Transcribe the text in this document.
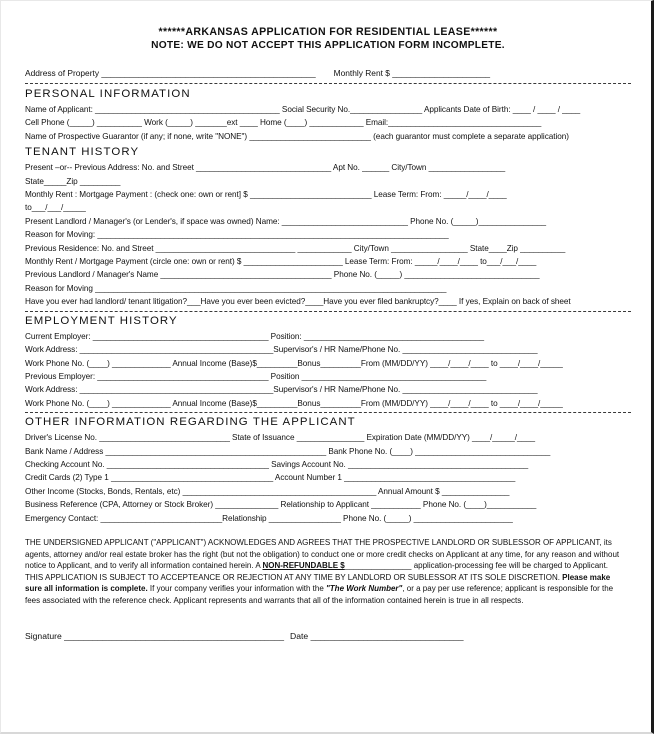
******ARKANSAS APPLICATION FOR RESIDENTIAL LEASE******
NOTE: WE DO NOT ACCEPT THIS APPLICATION FORM INCOMPLETE.
Address of Property ______________________________________________ Monthly Rent $ _____________________
PERSONAL INFORMATION
Name of Applicant: _________________________________________ Social Security No.________________ Applicants Date of Birth: ____ / ____ / ____
Cell Phone (_____) __________ Work (_____) _______ext ____ Home (____) ____________ Email:__________________________________
Name of Prospective Guarantor (if any; if none, write "NONE") ___________________________ (each guarantor must complete a separate application)
TENANT HISTORY
Present –or-- Previous Address: No. and Street ______________________________ Apt No. ______ City/Town _________________
State_____Zip _________
Monthly Rent : Mortgage Payment : (check one: own or rent] $ ___________________________ Lease Term: From: _____/____/____
to___/___/_____
Present Landlord / Manager's (or Lender's, if space was owned) Name: ____________________________ Phone No. (_____)_______________
Reason for Moving: ______________________________________________________________________________
Previous Residence: No. and Street _______________________________ ____________ City/Town _________________ State____Zip __________
Monthly Rent / Mortgage Payment (circle one: own or rent) $ ______________________ Lease Term: From: _____/____/____ to___/___/____
Previous Landlord / Manager's Name ______________________________________ Phone No. (_____) ______________________________
Reason for Moving ______________________________________________________________________________
Have you ever had landlord/ tenant litigation?___Have you ever been evicted?____Have you ever filed bankruptcy?____ If yes, Explain on back of sheet
EMPLOYMENT HISTORY
Current Employer: _______________________________________ Position: ________________________________________
Work Address: ___________________________________________Supervisor's / HR Name/Phone No. ______________________________
Work Phone No. (____) _____________ Annual Income (Base)$_________Bonus_________From (MM/DD/YY) ____/____/____ to ____/____/_____
Previous Employer: ______________________________________ Position _________________________________________
Work Address: ___________________________________________Supervisor's / HR Name/Phone No. ______________________________
Work Phone No. (____) _____________ Annual Income (Base)$_________Bonus_________From (MM/DD/YY) ____/____/____ to ____/____/_____
OTHER INFORMATION REGARDING THE APPLICANT
Driver's License No. _____________________________ State of Issuance _______________ Expiration Date (MM/DD/YY) ____/_____/____
Bank Name / Address _________________________________________________ Bank Phone No. (____) ______________________________
Checking Account No. ____________________________________ Savings Account No. ________________________________________
Credit Cards (2) Type 1 ____________________________________ Account Number 1 ______________________________________
Other Income (Stocks, Bonds, Rentals, etc) ___________________________________________ Annual Amount $ _______________
Business Reference (CPA, Attorney or Stock Broker) ______________ Relationship to Applicant ___________ Phone No. (____)___________
Emergency Contact: ___________________________Relationship ________________ Phone No. (_____) ______________________
THE UNDERSIGNED APPLICANT ("APPLICANT") ACKNOWLEDGES AND AGREES THAT THE PROSPECTIVE LANDLORD OR SUBLESSOR OF APPLICANT, its agents, attorney and/or real estate broker has the right (but not the obligation) to conduct one or more credit checks on Applicant at any time, for any reason and without notice to Applicant, and to verify all information contained herein. A NON-REFUNDABLE $_______________ application-processing fee will be charged to Applicant. THIS APPLICATION IS SUBJECT TO ACCEPTEANCE OR REJECTION AT ANY TIME BY LANDLORD OR SUBLESSOR AT ITS SOLE DISCRETION. Please make sure all information is complete. If your company verifies your information with the "The Work Number", or a pay per use reference; applicant is responsible for the fees associated with the reference check. Applicant represents and warrants that all of the information contained herein is true in all respects.
Signature ______________________________________________ Date ________________________________
